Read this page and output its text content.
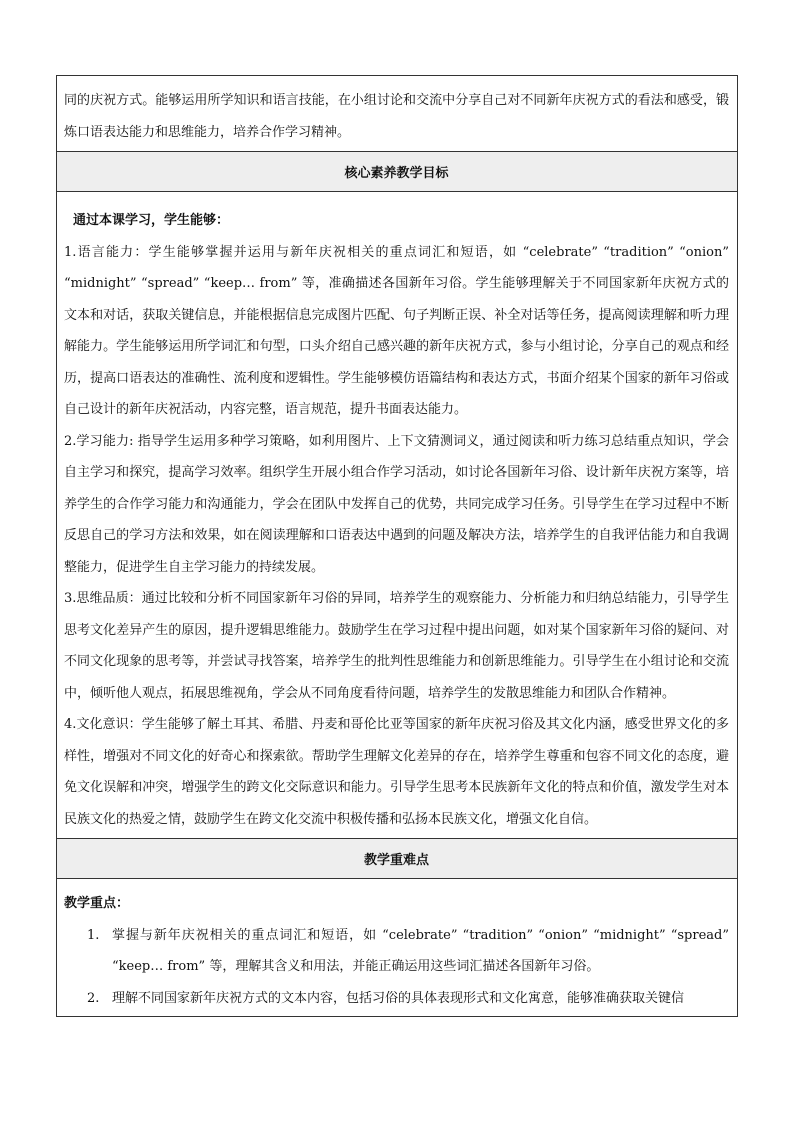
同的庆祝方式。能够运用所学知识和语言技能，在小组讨论和交流中分享自己对不同新年庆祝方式的看法和感受，锻炼口语表达能力和思维能力，培养合作学习精神。

核心素养教学目标

通过本课学习，学生能够：

1.语言能力：学生能够掌握并运用与新年庆祝相关的重点词汇和短语，如 “celebrate” “tradition” “onion” “midnight” “spread” “keep… from” 等，准确描述各国新年习俗。学生能够理解关于不同国家新年庆祝方式的文本和对话，获取关键信息，并能根据信息完成图片匹配、句子判断正误、补全对话等任务，提高阅读理解和听力理解能力。学生能够运用所学词汇和句型，口头介绍自己感兴趣的新年庆祝方式，参与小组讨论，分享自己的观点和经历，提高口语表达的准确性、流利度和逻辑性。学生能够模仿语篇结构和表达方式，书面介绍某个国家的新年习俗或自己设计的新年庆祝活动，内容完整，语言规范，提升书面表达能力。

2.学习能力: 指导学生运用多种学习策略，如利用图片、上下文猜测词义，通过阅读和听力练习总结重点知识，学会自主学习和探究，提高学习效率。组织学生开展小组合作学习活动，如讨论各国新年习俗、设计新年庆祝方案等，培养学生的合作学习能力和沟通能力，学会在团队中发挥自己的优势，共同完成学习任务。引导学生在学习过程中不断反思自己的学习方法和效果，如在阅读理解和口语表达中遇到的问题及解决方法，培养学生的自我评估能力和自我调整能力，促进学生自主学习能力的持续发展。

3.思维品质：通过比较和分析不同国家新年习俗的异同，培养学生的观察能力、分析能力和归纳总结能力，引导学生思考文化差异产生的原因，提升逻辑思维能力。鼓励学生在学习过程中提出问题，如对某个国家新年习俗的疑问、对不同文化现象的思考等，并尝试寻找答案，培养学生的批判性思维能力和创新思维能力。引导学生在小组讨论和交流中，倾听他人观点，拓展思维视角，学会从不同角度看待问题，培养学生的发散思维能力和团队合作精神。

4.文化意识：学生能够了解土耳其、希腊、丹麦和哥伦比亚等国家的新年庆祝习俗及其文化内涵，感受世界文化的多样性，增强对不同文化的好奇心和探索欲。帮助学生理解文化差异的存在，培养学生尊重和包容不同文化的态度，避免文化误解和冲突，增强学生的跨文化交际意识和能力。引导学生思考本民族新年文化的特点和价值，激发学生对本民族文化的热爱之情，鼓励学生在跨文化交流中积极传播和弘扬本民族文化，增强文化自信。

教学重难点

教学重点：

1. 掌握与新年庆祝相关的重点词汇和短语，如 “celebrate” “tradition” “onion” “midnight” “spread” “keep… from” 等，理解其含义和用法，并能正确运用这些词汇描述各国新年习俗。
2. 理解不同国家新年庆祝方式的文本内容，包括习俗的具体表现形式和文化寓意，能够准确获取关键信
